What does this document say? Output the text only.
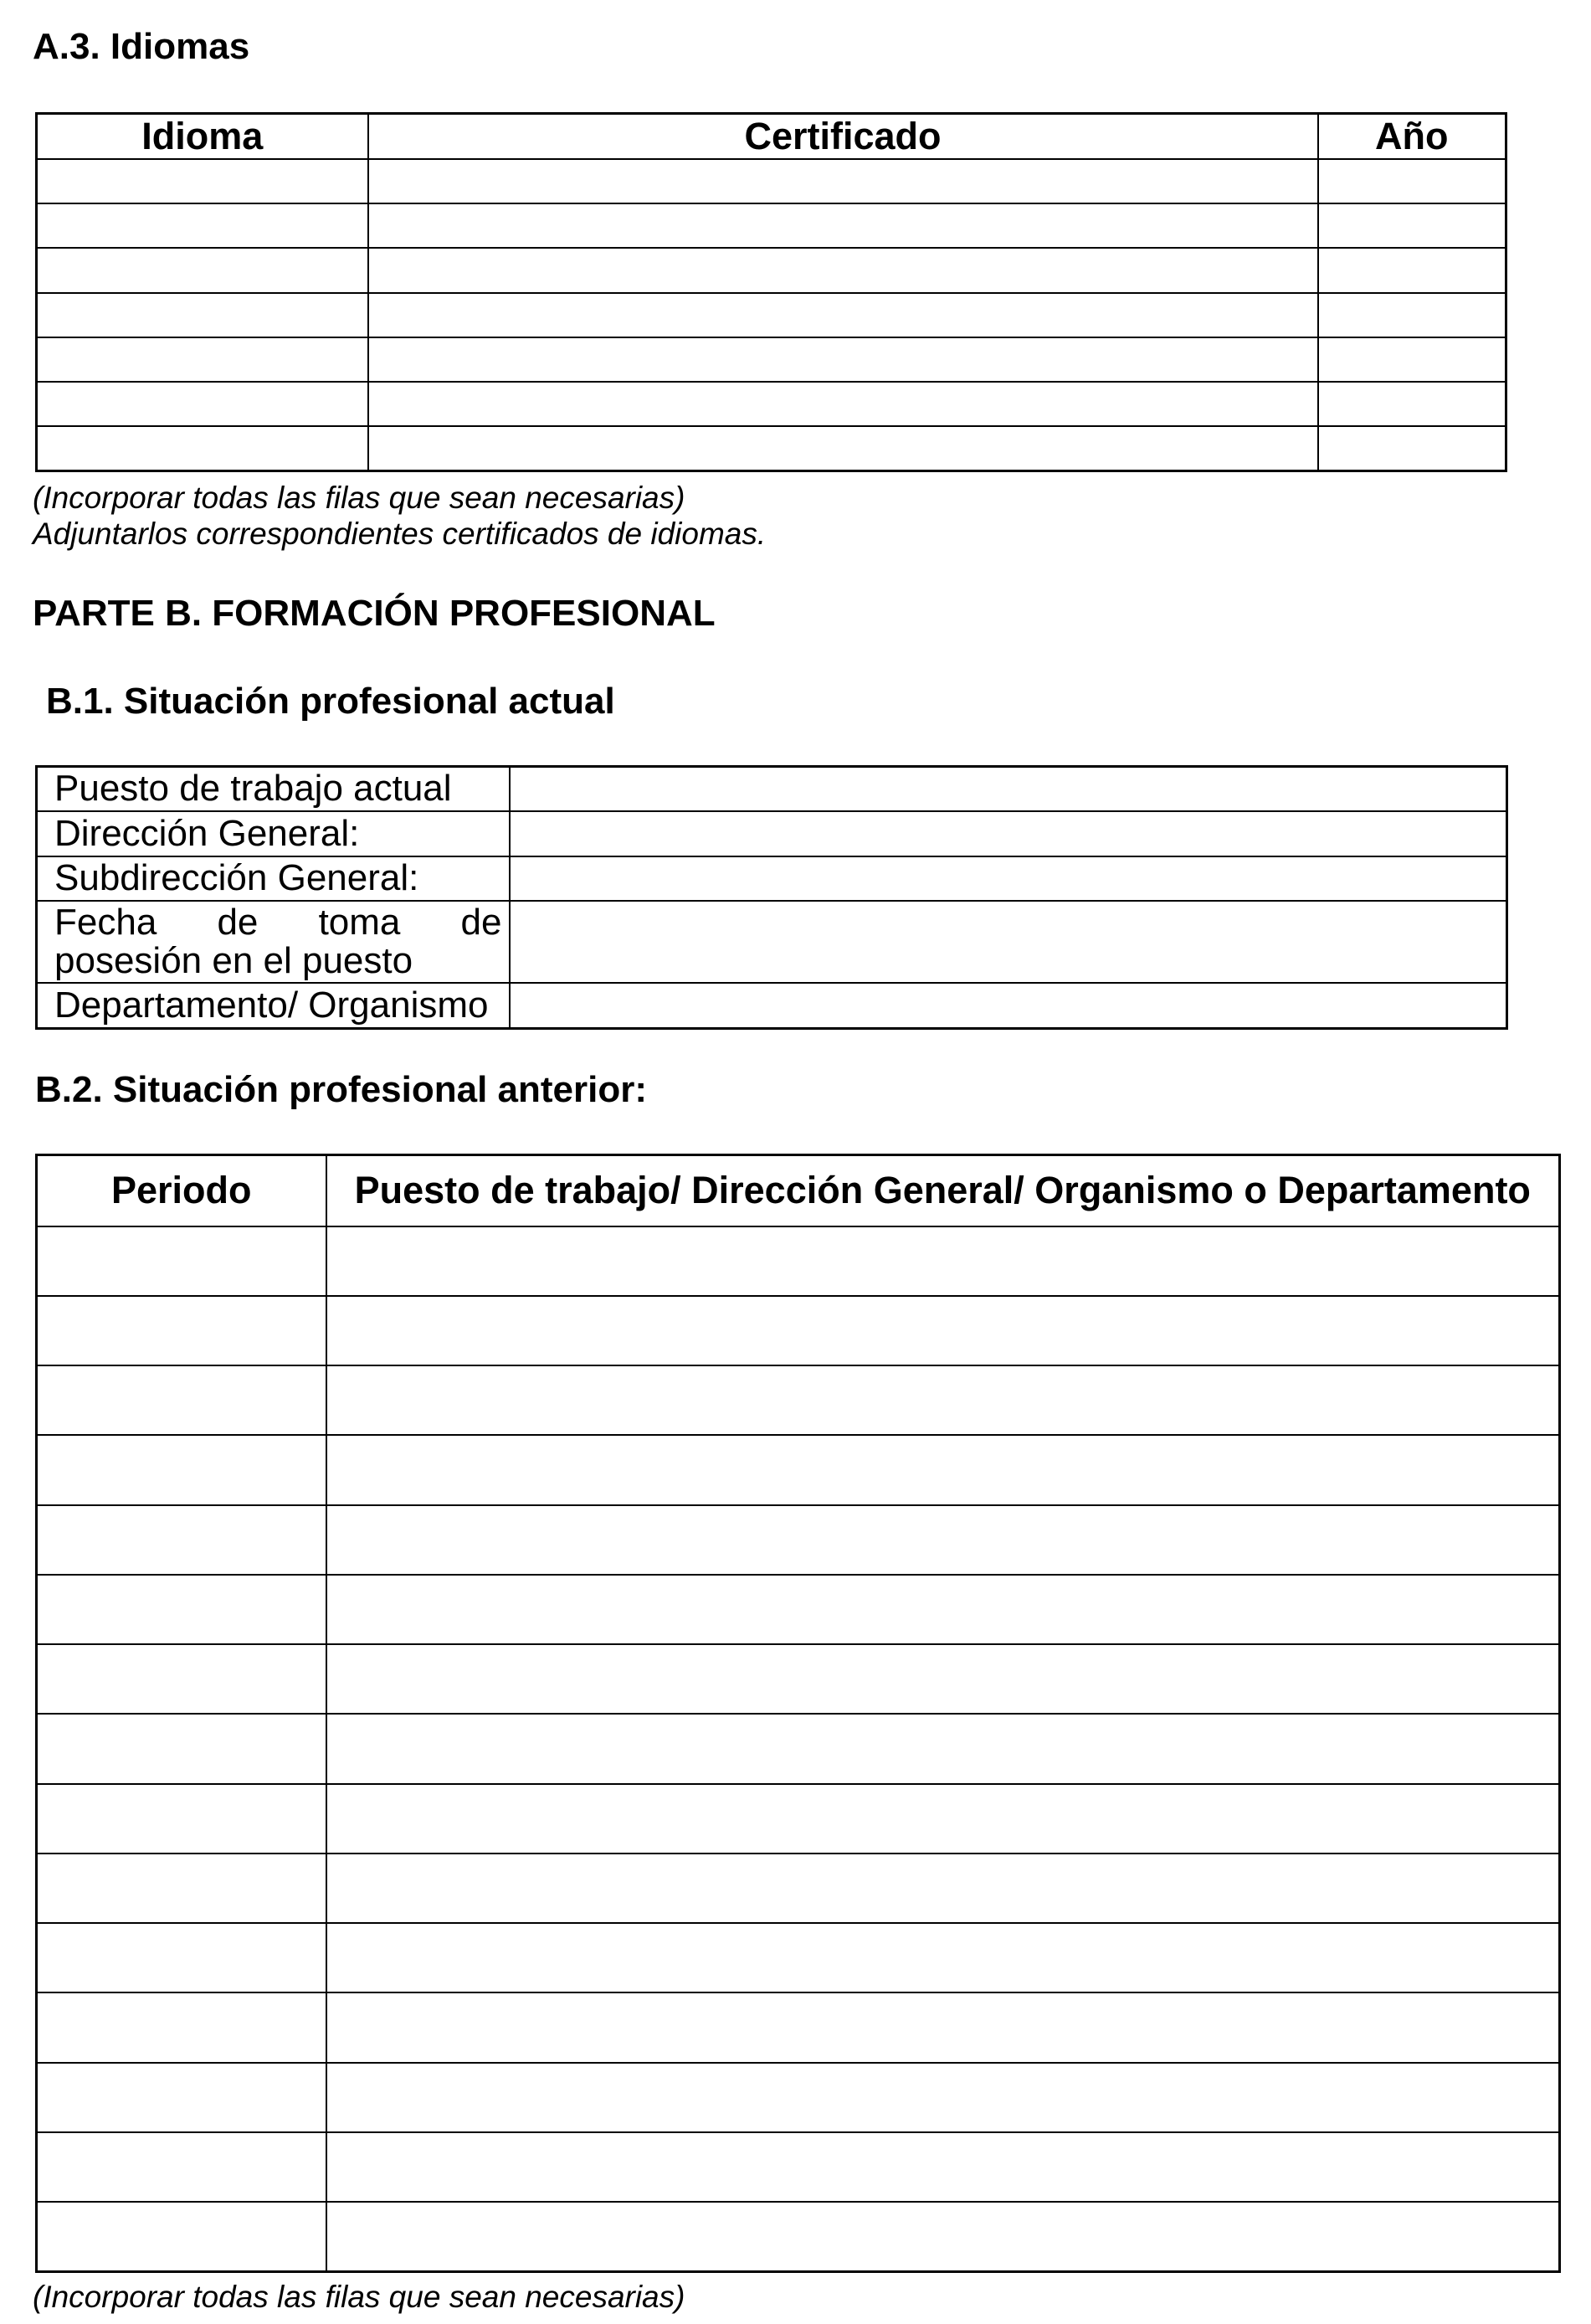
A.3. Idiomas
Idioma	Certificado	Año

(Incorporar todas las filas que sean necesarias)
Adjuntarlos correspondientes certificados de idiomas.
PARTE B. FORMACIÓN PROFESIONAL
B.1. Situación profesional actual
Puesto de trabajo actual	
Dirección General:	
Subdirección General:	

Fecha de toma de
posesión en el puesto	

Departamento/ Organismo	
B.2. Situación profesional anterior:
Periodo	Puesto de trabajo/ Dirección General/ Organismo o Departamento

(Incorporar todas las filas que sean necesarias)
